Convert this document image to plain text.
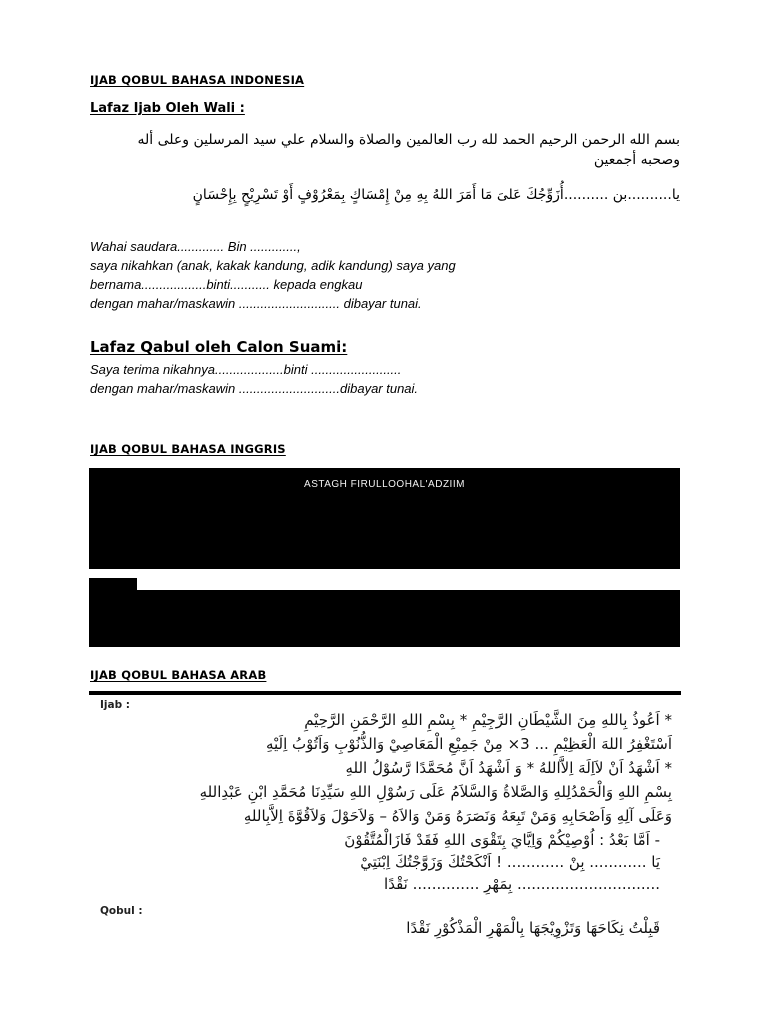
IJAB QOBUL BAHASA INDONESIA
Lafaz Ijab Oleh Wali :
بسم الله الرحمن الرحيم الحمد لله رب العالمين والصلاة والسلام علي سيد المرسلين وعلى أله
وصحبه أجمعين
يا..........بن ..........أُزَوِّجُكَ عَلىَ مَا أَمَرَ اللهُ بِهِ مِنْ إِمْسَاكٍ بِمَعْرُوْفٍ أَوْ تَسْرِيْحٍ بِإِحْسَانٍ
Wahai saudara............. Bin .............,
saya nikahkan (anak, kakak kandung, adik kandung) saya yang
bernama..................binti........... kepada engkau
dengan mahar/maskawin ............................ dibayar tunai.
Lafaz Qabul oleh Calon Suami:
Saya terima nikahnya...................binti .........................
dengan mahar/maskawin ............................dibayar tunai.
IJAB QOBUL BAHASA INGGRIS
ASTAGH FIRULLOOHAL'ADZIIM
IJAB QOBUL BAHASA ARAB
Ijab :
* اَعُوذُ بِاللهِ مِنَ الشَّيْطَانِ الرَّجِيْمِ * بِسْمِ اللهِ الرَّحْمَنِ الرَّحِيْمِ
اَسْتَغْفِرُ اللهَ الْعَظِيْمِ ... 3× مِنْ جَمِيْعِ الْمَعَاصِيْ وَالذُّنُوْبِ وَاَتُوْبُ اِلَيْهِ
* اَشْهَدُ اَنْ لاَاِلَهَ اِلاَّاللهُ * وَ اَشْهَدُ اَنَّ مُحَمَّدًا رَّسُوْلُ اللهِ
بِسْمِ اللهِ وَالْحَمْدُلِلهِ وَالصَّلاةُ وَالسَّلاَمُ عَلَى رَسُوْلِ اللهِ سَيِّدِنَا مُحَمَّدِ ابْنِ عَبْدِاللهِ
وَعَلَى آلِهِ وَاَصْحَابِهِ وَمَنْ تَبِعَهُ وَنَصَرَهُ وَمَنْ وَالاَهُ – وَلاَحَوْلَ وَلاَقُوَّةَ اِلاَّبِاللهِ
- اَمَّا بَعْدُ : اُوْصِيْكُمْ وَاِيَّايَ بِتَقْوَى اللهِ فَقَدْ فَازَالْمُتَّقُوْنَ
يَا ............ بِنْ ............ ! اَنْكَحْتُكَ وَزَوَّجْتُكَ اِبْنَتِيْ
.............................. بِمَهْرِ .............. نَقْدًا
Qobul :
قَبِلْتُ نِكَاحَهَا وَتَزْوِيْجَهَا بِالْمَهْرِ الْمَذْكُوْرِ نَقْدًا
